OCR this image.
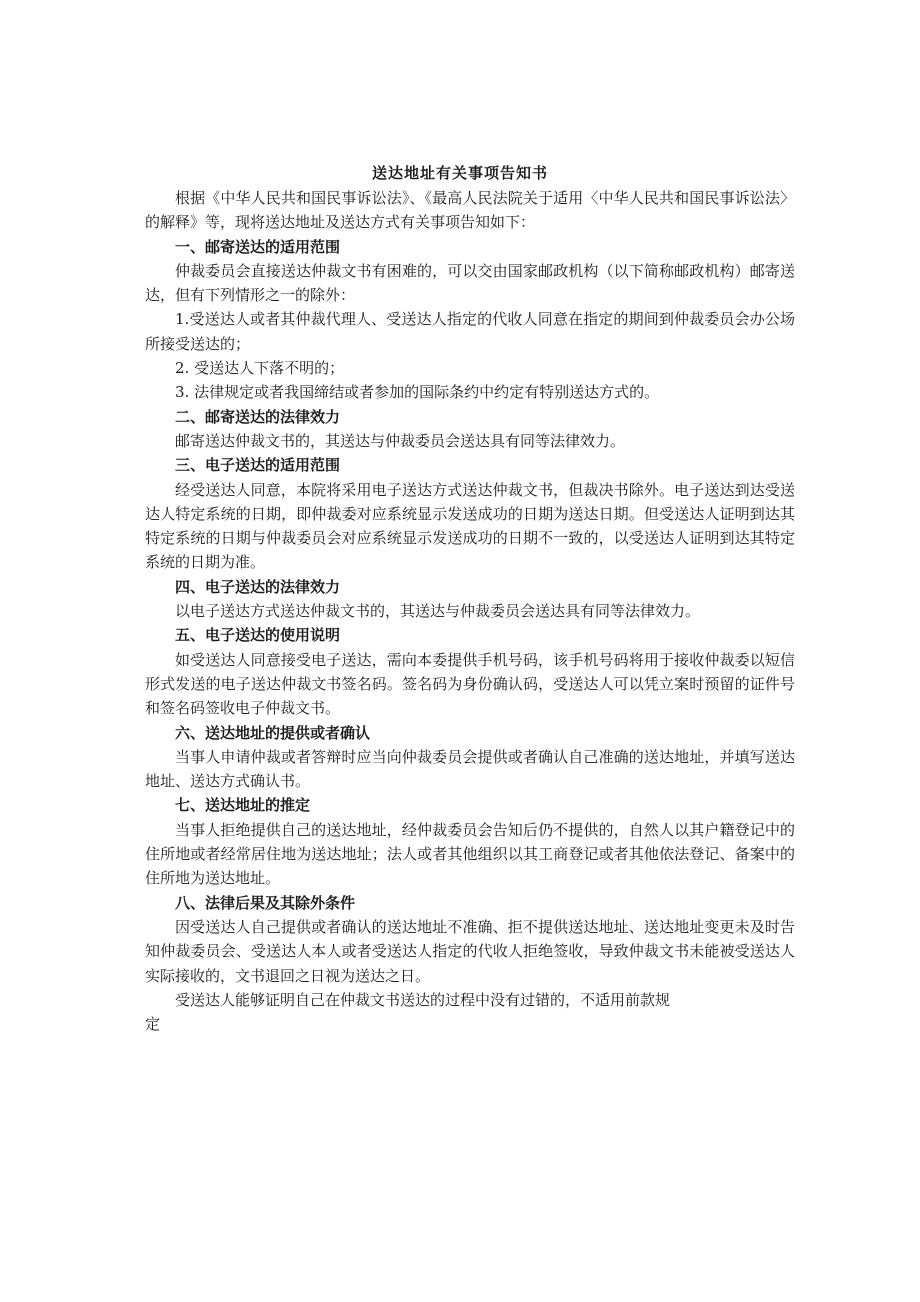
送达地址有关事项告知书

根据《中华人民共和国民事诉讼法》、《最高人民法院关于适用〈中华人民共和国民事诉讼法〉的解释》等，现将送达地址及送达方式有关事项告知如下：

一、邮寄送达的适用范围

仲裁委员会直接送达仲裁文书有困难的，可以交由国家邮政机构（以下简称邮政机构）邮寄送达，但有下列情形之一的除外：

1.受送达人或者其仲裁代理人、受送达人指定的代收人同意在指定的期间到仲裁委员会办公场所接受送达的；

2. 受送达人下落不明的；

3. 法律规定或者我国缔结或者参加的国际条约中约定有特别送达方式的。

二、邮寄送达的法律效力

邮寄送达仲裁文书的，其送达与仲裁委员会送达具有同等法律效力。

三、电子送达的适用范围

经受送达人同意，本院将采用电子送达方式送达仲裁文书，但裁决书除外。电子送达到达受送达人特定系统的日期，即仲裁委对应系统显示发送成功的日期为送达日期。但受送达人证明到达其特定系统的日期与仲裁委员会对应系统显示发送成功的日期不一致的，以受送达人证明到达其特定系统的日期为准。

四、电子送达的法律效力

以电子送达方式送达仲裁文书的，其送达与仲裁委员会送达具有同等法律效力。

五、电子送达的使用说明

如受送达人同意接受电子送达，需向本委提供手机号码，该手机号码将用于接收仲裁委以短信形式发送的电子送达仲裁文书签名码。签名码为身份确认码，受送达人可以凭立案时预留的证件号和签名码签收电子仲裁文书。

六、送达地址的提供或者确认

当事人申请仲裁或者答辩时应当向仲裁委员会提供或者确认自己准确的送达地址，并填写送达地址、送达方式确认书。

七、送达地址的推定

当事人拒绝提供自己的送达地址，经仲裁委员会告知后仍不提供的，自然人以其户籍登记中的住所地或者经常居住地为送达地址；法人或者其他组织以其工商登记或者其他依法登记、备案中的住所地为送达地址。

八、法律后果及其除外条件

因受送达人自己提供或者确认的送达地址不准确、拒不提供送达地址、送达地址变更未及时告知仲裁委员会、受送达人本人或者受送达人指定的代收人拒绝签收，导致仲裁文书未能被受送达人实际接收的，文书退回之日视为送达之日。

受送达人能够证明自己在仲裁文书送达的过程中没有过错的，不适用前款规

定
